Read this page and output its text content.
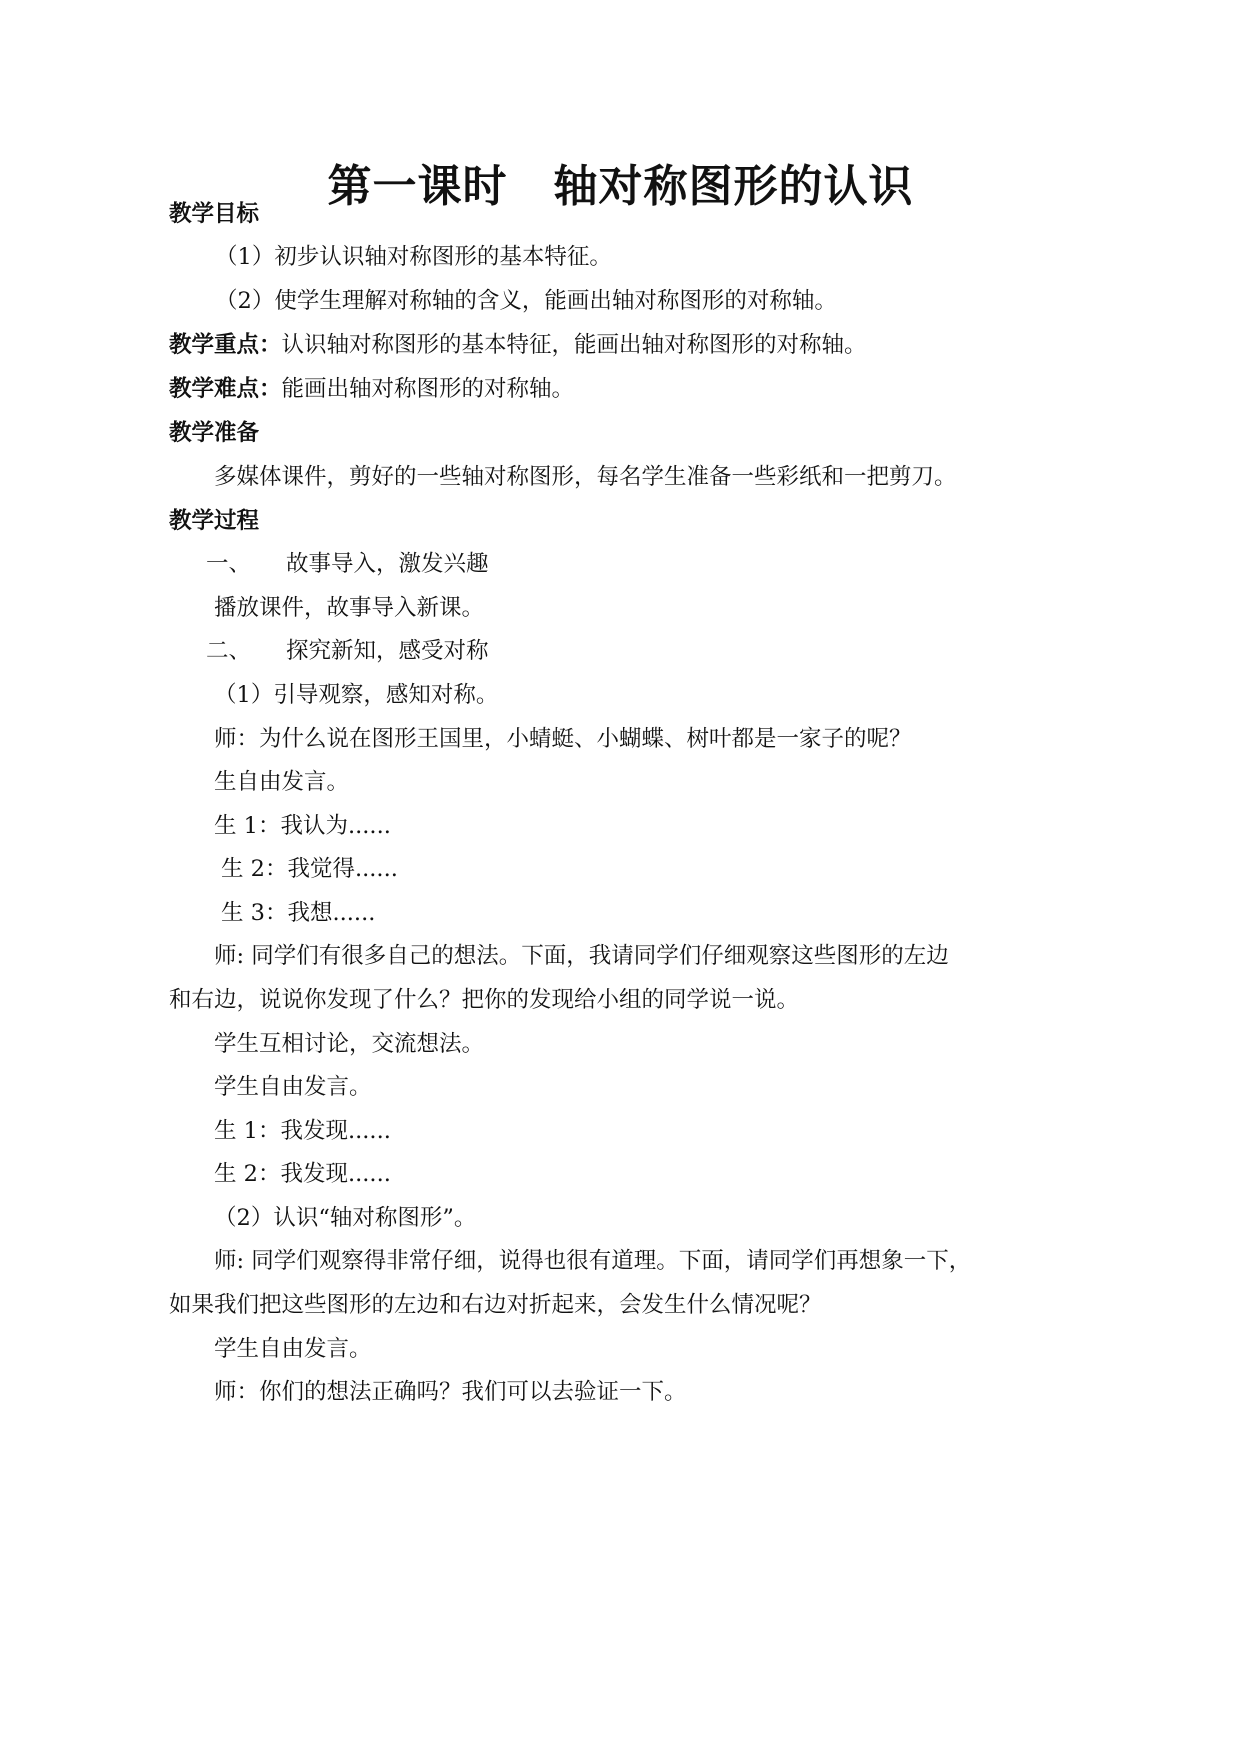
第一课时 轴对称图形的认识
教学目标
（1）初步认识轴对称图形的基本特征。
（2）使学生理解对称轴的含义，能画出轴对称图形的对称轴。
教学重点：认识轴对称图形的基本特征，能画出轴对称图形的对称轴。
教学难点：能画出轴对称图形的对称轴。
教学准备
多媒体课件，剪好的一些轴对称图形，每名学生准备一些彩纸和一把剪刀。
教学过程
一、 故事导入，激发兴趣
播放课件，故事导入新课。
二、 探究新知，感受对称
（1）引导观察，感知对称。
师：为什么说在图形王国里，小蜻蜓、小蝴蝶、树叶都是一家子的呢？
生自由发言。
生 1：我认为......
生 2：我觉得......
生 3：我想......
师: 同学们有很多自己的想法。下面，我请同学们仔细观察这些图形的左边
和右边，说说你发现了什么？把你的发现给小组的同学说一说。
学生互相讨论，交流想法。
学生自由发言。
生 1：我发现......
生 2：我发现......
（2）认识“轴对称图形”。
师: 同学们观察得非常仔细，说得也很有道理。下面，请同学们再想象一下，
如果我们把这些图形的左边和右边对折起来，会发生什么情况呢？
学生自由发言。
师：你们的想法正确吗？我们可以去验证一下。
